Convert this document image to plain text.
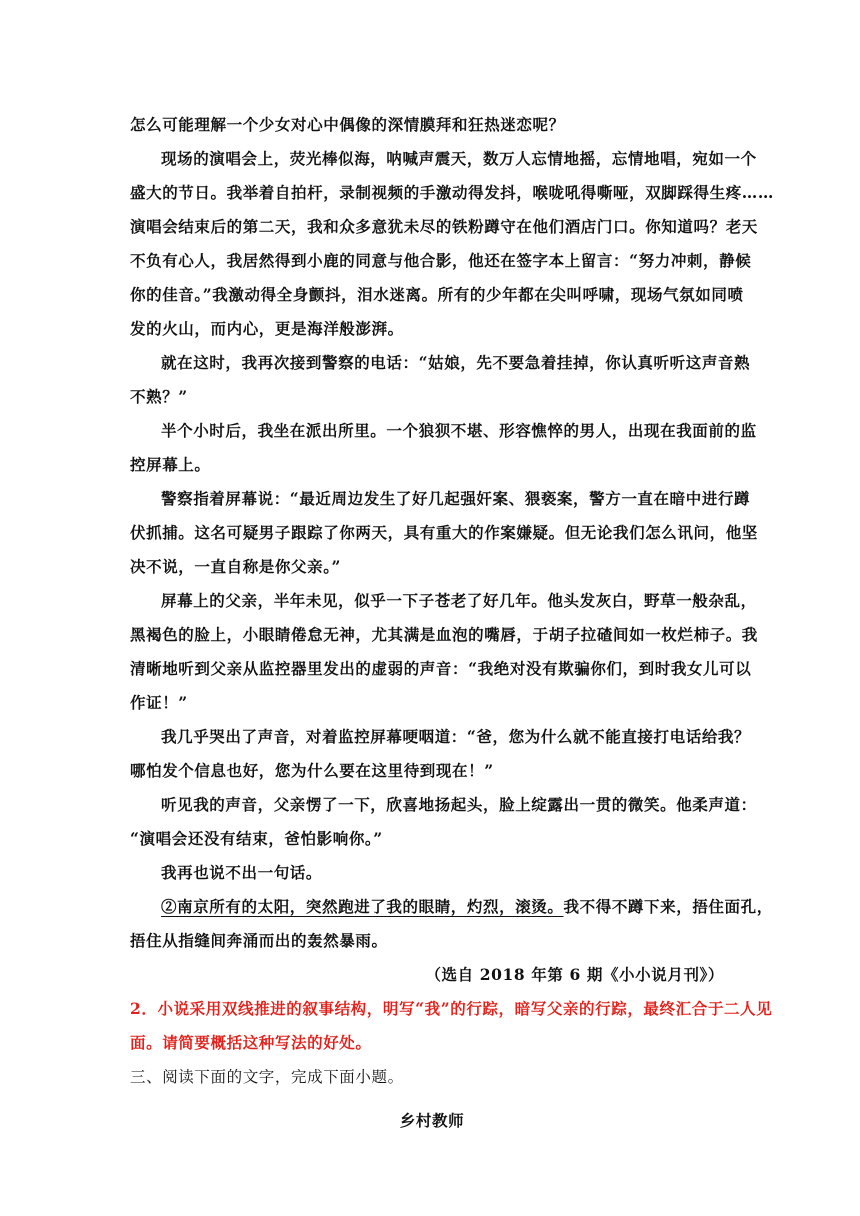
怎么可能理解一个少女对心中偶像的深情膜拜和狂热迷恋呢？
现场的演唱会上，荧光棒似海，呐喊声震天，数万人忘情地摇，忘情地唱，宛如一个
盛大的节日。我举着自拍杆，录制视频的手激动得发抖，喉咙吼得嘶哑，双脚踩得生疼……
演唱会结束后的第二天，我和众多意犹未尽的铁粉蹲守在他们酒店门口。你知道吗？老天
不负有心人，我居然得到小鹿的同意与他合影，他还在签字本上留言：“努力冲刺，静候
你的佳音。”我激动得全身颤抖，泪水迷离。所有的少年都在尖叫呼啸，现场气氛如同喷
发的火山，而内心，更是海洋般澎湃。
就在这时，我再次接到警察的电话：“姑娘，先不要急着挂掉，你认真听听这声音熟
不熟？”
半个小时后，我坐在派出所里。一个狼狈不堪、形容憔悴的男人，出现在我面前的监
控屏幕上。
警察指着屏幕说：“最近周边发生了好几起强奸案、猥亵案，警方一直在暗中进行蹲
伏抓捕。这名可疑男子跟踪了你两天，具有重大的作案嫌疑。但无论我们怎么讯问，他坚
决不说，一直自称是你父亲。”
屏幕上的父亲，半年未见，似乎一下子苍老了好几年。他头发灰白，野草一般杂乱，
黑褐色的脸上，小眼睛倦怠无神，尤其满是血泡的嘴唇，于胡子拉碴间如一枚烂柿子。我
清晰地听到父亲从监控器里发出的虚弱的声音：“我绝对没有欺骗你们，到时我女儿可以
作证！”
我几乎哭出了声音，对着监控屏幕哽咽道：“爸，您为什么就不能直接打电话给我？
哪怕发个信息也好，您为什么要在这里待到现在！”
听见我的声音，父亲愣了一下，欣喜地扬起头，脸上绽露出一贯的微笑。他柔声道：
“演唱会还没有结束，爸怕影响你。”
我再也说不出一句话。
②南京所有的太阳，突然跑进了我的眼睛，灼烈，滚烫。我不得不蹲下来，捂住面孔，
捂住从指缝间奔涌而出的轰然暴雨。
（选自 2018 年第 6 期《小小说月刊》）
2．小说采用双线推进的叙事结构，明写“我”的行踪，暗写父亲的行踪，最终汇合于二人见
面。请简要概括这种写法的好处。
三、阅读下面的文字，完成下面小题。
乡村教师
